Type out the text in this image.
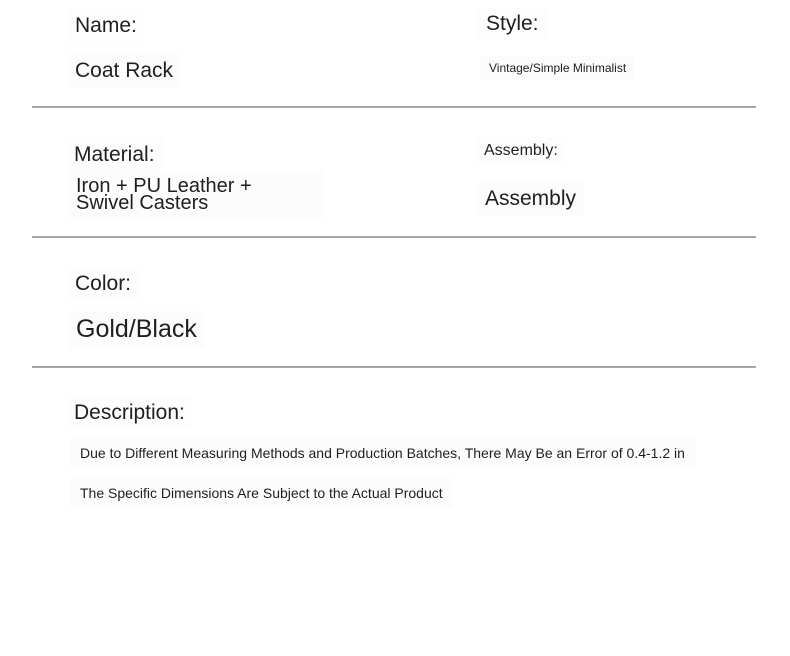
Name:
Coat Rack
Style:
Vintage/Simple Minimalist
Material:
Iron + PU Leather +
Swivel Casters
Assembly:
Assembly
Color:
Gold/Black
Description:
Due to Different Measuring Methods and Production Batches, There May Be an Error of 0.4-1.2 in
The Specific Dimensions Are Subject to the Actual Product
